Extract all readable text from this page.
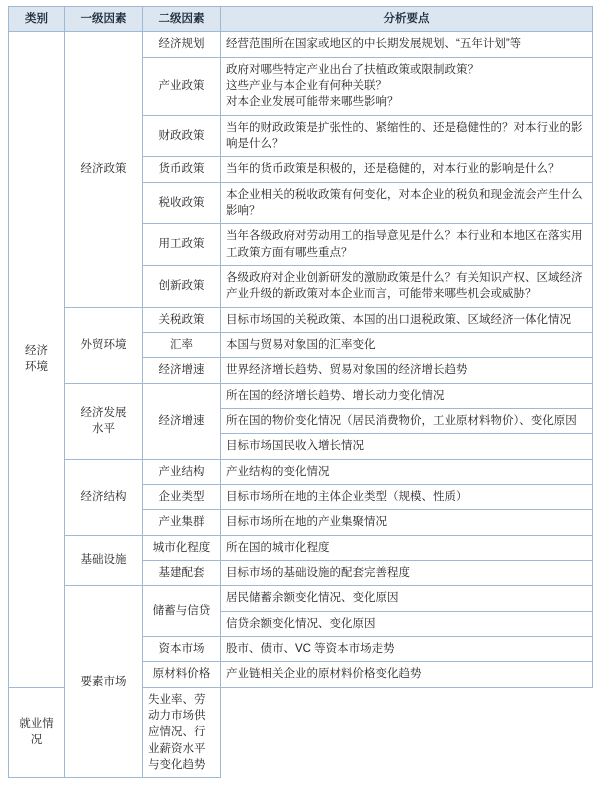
类别	一级因素	二级因素	分析要点
经济
环境	经济政策	经济规划	经营范围所在国家或地区的中长期发展规划、“五年计划”等
		产业政策	政府对哪些特定产业出台了扶植政策或限制政策？
这些产业与本企业有何种关联？
对本企业发展可能带来哪些影响？
		财政政策	当年的财政政策是扩张性的、紧缩性的、还是稳健性的？对本行业的影响是什么？
		货币政策	当年的货币政策是积极的，还是稳健的，对本行业的影响是什么？
		税收政策	本企业相关的税收政策有何变化，对本企业的税负和现金流会产生什么影响？
		用工政策	当年各级政府对劳动用工的指导意见是什么？本行业和本地区在落实用工政策方面有哪些重点？
		创新政策	各级政府对企业创新研发的激励政策是什么？有关知识产权、区域经济产业升级的新政策对本企业而言，可能带来哪些机会或威胁？
	外贸环境	关税政策	目标市场国的关税政策、本国的出口退税政策、区域经济一体化情况
		汇率	本国与贸易对象国的汇率变化
		经济增速	世界经济增长趋势、贸易对象国的经济增长趋势
	经济发展
水平	经济增速	所在国的经济增长趋势、增长动力变化情况
			所在国的物价变化情况（居民消费物价，工业原材料物价）、变化原因
			目标市场国民收入增长情况
	经济结构	产业结构	产业结构的变化情况
		企业类型	目标市场所在地的主体企业类型（规模、性质）
		产业集群	目标市场所在地的产业集聚情况
	基础设施	城市化程度	所在国的城市化程度
		基建配套	目标市场的基础设施的配套完善程度
	要素市场	储蓄与信贷	居民储蓄余额变化情况、变化原因
			信贷余额变化情况、变化原因
		资本市场	股市、债市、VC 等资本市场走势
		原材料价格	产业链相关企业的原材料价格变化趋势
就业情况		失业率、劳动力市场供应情况、行业薪资水平与变化趋势	
